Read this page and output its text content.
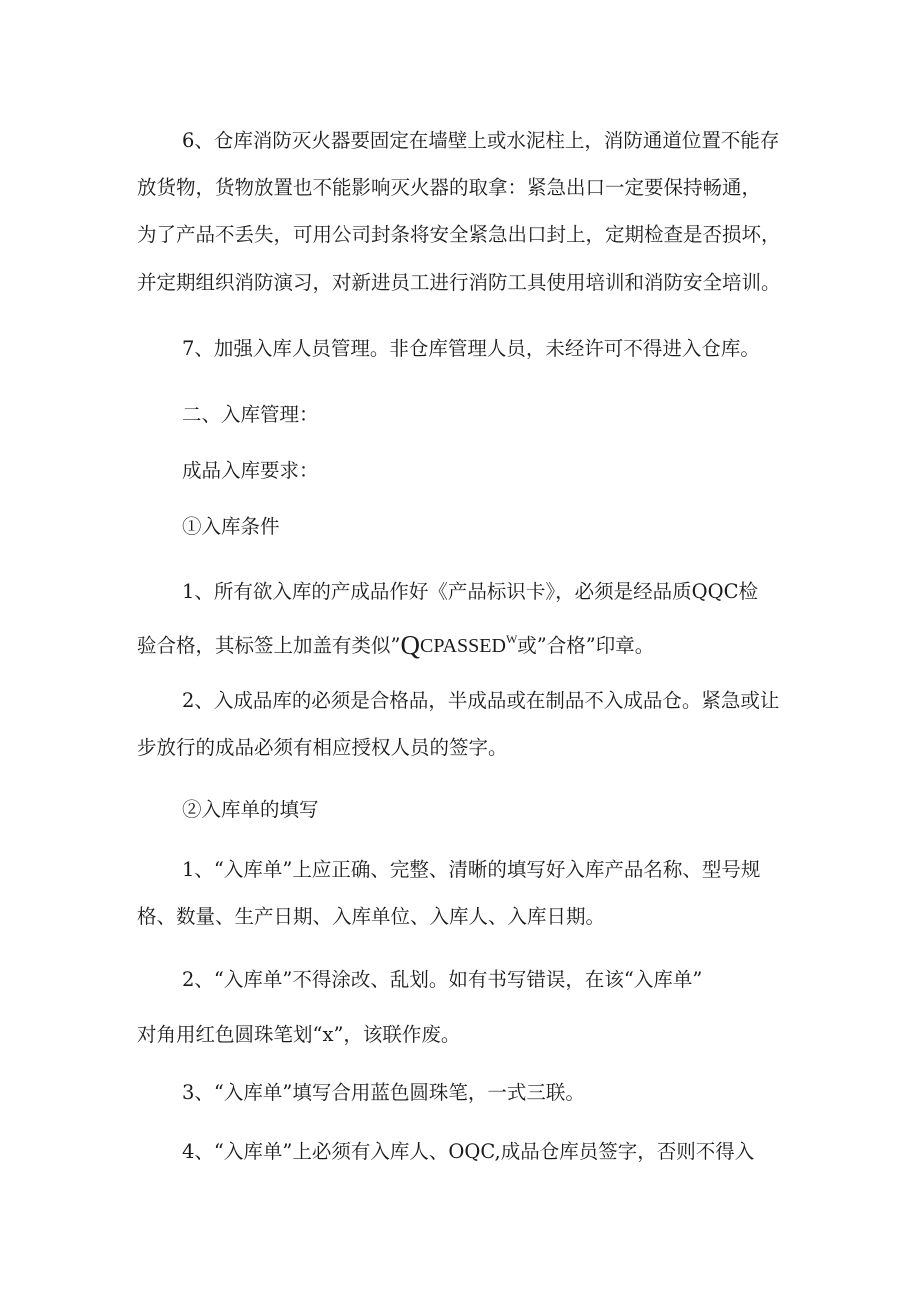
6、仓库消防灭火器要固定在墙壁上或水泥柱上，消防通道位置不能存

放货物，货物放置也不能影响灭火器的取拿：紧急出口一定要保持畅通，

为了产品不丢失，可用公司封条将安全紧急出口封上，定期检查是否损坏，

并定期组织消防演习，对新进员工进行消防工具使用培训和消防安全培训。

7、加强入库人员管理。非仓库管理人员，未经许可不得进入仓库。

二、入库管理：

成品入库要求：

①入库条件

1、所有欲入库的产成品作好《产品标识卡》，必须是经品质QQC检

验合格，其标签上加盖有类似$”QCPASSED^W$或”合格”印章。

2、入成品库的必须是合格品，半成品或在制品不入成品仓。紧急或让

步放行的成品必须有相应授权人员的签字。

②入库单的填写

1、“入库单”上应正确、完整、清晰的填写好入库产品名称、型号规

格、数量、生产日期、入库单位、入库人、入库日期。

2、“入库单”不得涂改、乱划。如有书写错误，在该“入库单”

对角用红色圆珠笔划“x”，该联作废。

3、“入库单”填写合用蓝色圆珠笔，一式三联。

4、“入库单”上必须有入库人、OQC,成品仓库员签字，否则不得入
